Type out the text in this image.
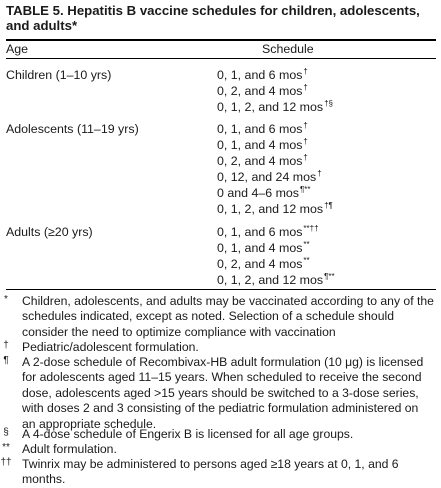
TABLE 5. Hepatitis B vaccine schedules for children, adolescents, and adults*
Age	Schedule
Children (1–10 yrs)	0, 1, and 6 mos†
0, 2, and 4 mos†
0, 1, 2, and 12 mos†§
Adolescents (11–19 yrs)	0, 1, and 6 mos†
0, 1, and 4 mos†
0, 2, and 4 mos†
0, 12, and 24 mos†
0 and 4–6 mos¶**
0, 1, 2, and 12 mos†¶
Adults (≥20 yrs)	0, 1, and 6 mos**††
0, 1, and 4 mos**
0, 2, and 4 mos**
0, 1, 2, and 12 mos¶**
* Children, adolescents, and adults may be vaccinated according to any of the schedules indicated, except as noted. Selection of a schedule should consider the need to optimize compliance with vaccination
† Pediatric/adolescent formulation.
¶ A 2-dose schedule of Recombivax-HB adult formulation (10 μg) is licensed for adolescents aged 11–15 years. When scheduled to receive the second dose, adolescents aged >15 years should be switched to a 3-dose series, with doses 2 and 3 consisting of the pediatric formulation administered on an appropriate schedule.
§ A 4-dose schedule of Engerix B is licensed for all age groups.
** Adult formulation.
†† Twinrix may be administered to persons aged ≥18 years at 0, 1, and 6 months.
